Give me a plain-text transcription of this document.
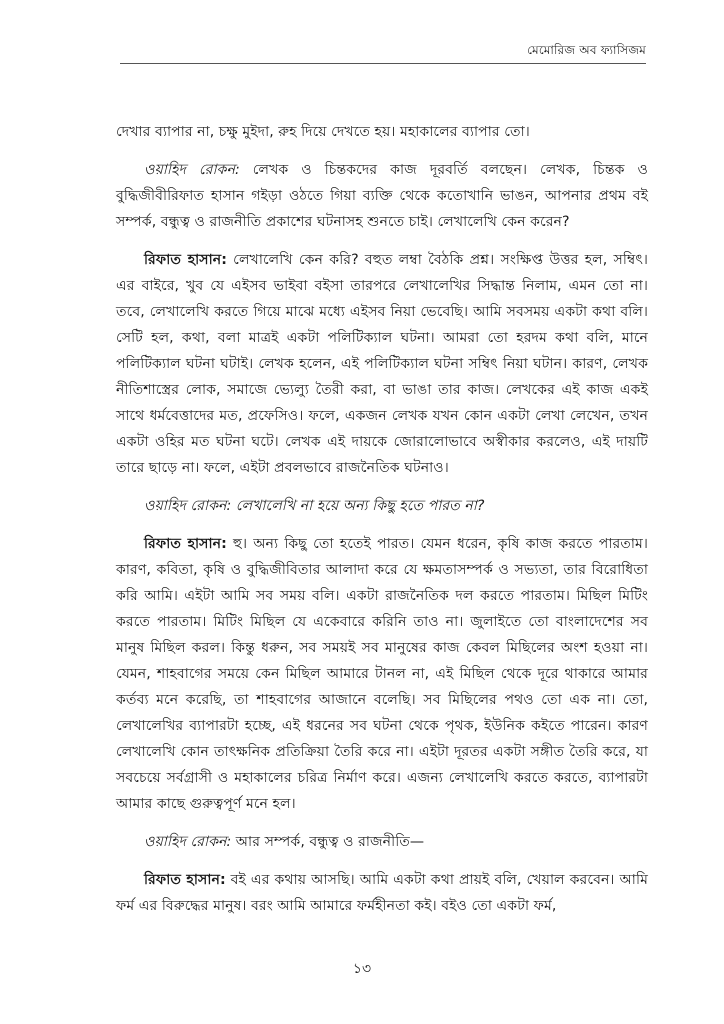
মেমোরিজ অব ফ্যাসিজম

দেখার ব্যাপার না, চক্ষু মুইদা, রুহ দিয়ে দেখতে হয়। মহাকালের ব্যাপার তো।

ওয়াহিদ রোকন: লেখক ও চিন্তকদের কাজ দূরবর্তি বলছেন। লেখক, চিন্তক ও বুদ্ধিজীবীরিফাত হাসান গইড়া ওঠতে গিয়া ব্যক্তি থেকে কতোখানি ভাঙন, আপনার প্রথম বই সম্পর্ক, বন্ধুত্ব ও রাজনীতি প্রকাশের ঘটনাসহ শুনতে চাই। লেখালেখি কেন করেন?

রিফাত হাসান: লেখালেখি কেন করি? বহুত লম্বা বৈঠকি প্রশ্ন। সংক্ষিপ্ত উত্তর হল, সম্বিৎ। এর বাইরে, খুব যে এইসব ভাইবা বইসা তারপরে লেখালেখির সিদ্ধান্ত নিলাম, এমন তো না। তবে, লেখালেখি করতে গিয়ে মাঝে মধ্যে এইসব নিয়া ভেবেছি। আমি সবসময় একটা কথা বলি। সেটি হল, কথা, বলা মাত্রই একটা পলিটিক্যাল ঘটনা। আমরা তো হরদম কথা বলি, মানে পলিটিক্যাল ঘটনা ঘটাই। লেখক হলেন, এই পলিটিক্যাল ঘটনা সম্বিৎ নিয়া ঘটান। কারণ, লেখক নীতিশাস্ত্রের লোক, সমাজে ভ্যেল্যু তৈরী করা, বা ভাঙা তার কাজ। লেখকের এই কাজ একই সাথে ধর্মবেত্তাদের মত, প্রফেসিও। ফলে, একজন লেখক যখন কোন একটা লেখা লেখেন, তখন একটা ওহির মত ঘটনা ঘটে। লেখক এই দায়কে জোরালোভাবে অস্বীকার করলেও, এই দায়টি তারে ছাড়ে না। ফলে, এইটা প্রবলভাবে রাজনৈতিক ঘটনাও।

ওয়াহিদ রোকন: লেখালেখি না হয়ে অন্য কিছু হতে পারত না?

রিফাত হাসান: হু। অন্য কিছু তো হতেই পারত। যেমন ধরেন, কৃষি কাজ করতে পারতাম। কারণ, কবিতা, কৃষি ও বুদ্ধিজীবিতার আলাদা করে যে ক্ষমতাসম্পর্ক ও সভ্যতা, তার বিরোধিতা করি আমি। এইটা আমি সব সময় বলি। একটা রাজনৈতিক দল করতে পারতাম। মিছিল মিটিং করতে পারতাম। মিটিং মিছিল যে একেবারে করিনি তাও না। জুলাইতে তো বাংলাদেশের সব মানুষ মিছিল করল। কিন্তু ধরুন, সব সময়ই সব মানুষের কাজ কেবল মিছিলের অংশ হওয়া না। যেমন, শাহবাগের সময়ে কেন মিছিল আমারে টানল না, এই মিছিল থেকে দূরে থাকারে আমার কর্তব্য মনে করেছি, তা শাহবাগের আজানে বলেছি। সব মিছিলের পথও তো এক না। তো, লেখালেখির ব্যাপারটা হচ্ছে, এই ধরনের সব ঘটনা থেকে পৃথক, ইউনিক কইতে পারেন। কারণ লেখালেখি কোন তাৎক্ষনিক প্রতিক্রিয়া তৈরি করে না। এইটা দূরতর একটা সঙ্গীত তৈরি করে, যা সবচেয়ে সর্বগ্রাসী ও মহাকালের চরিত্র নির্মাণ করে। এজন্য লেখালেখি করতে করতে, ব্যাপারটা আমার কাছে গুরুত্বপূর্ণ মনে হল।

ওয়াহিদ রোকন: আর সম্পর্ক, বন্ধুত্ব ও রাজনীতি—

রিফাত হাসান: বই এর কথায় আসছি। আমি একটা কথা প্রায়ই বলি, খেয়াল করবেন। আমি ফর্ম এর বিরুদ্ধের মানুষ। বরং আমি আমারে ফর্মহীনতা কই। বইও তো একটা ফর্ম,

১৩
